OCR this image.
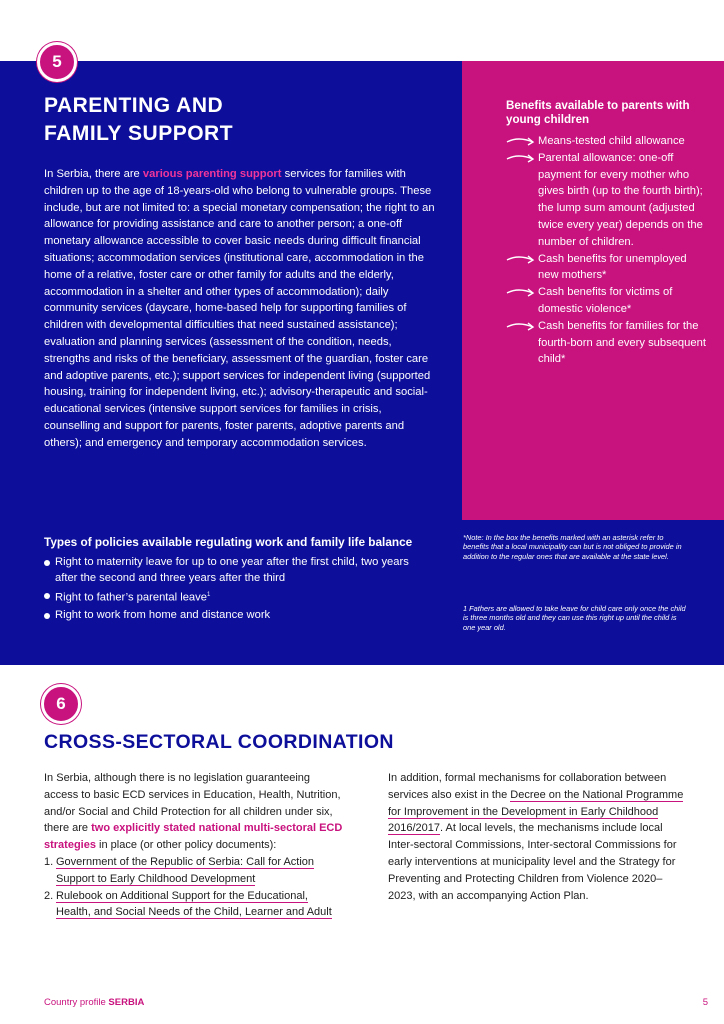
5
PARENTING AND
FAMILY SUPPORT

In Serbia, there are various parenting support services for families with children up to the age of 18-years-old who belong to vulnerable groups. These include, but are not limited to: a special monetary compensation; the right to an allowance for providing assistance and care to another person; a one-off monetary allowance accessible to cover basic needs during difficult financial situations; accommodation services (institutional care, accommodation in the home of a relative, foster care or other family for adults and the elderly, accommodation in a shelter and other types of accommodation); daily community services (daycare, home-based help for supporting families of children with developmental difficulties that need sustained assistance); evaluation and planning services (assessment of the condition, needs, strengths and risks of the beneficiary, assessment of the guardian, foster care and adoptive parents, etc.); support services for independent living (supported housing, training for independent living, etc.); advisory-therapeutic and social-educational services (intensive support services for families in crisis, counselling and support for parents, foster parents, adoptive parents and others); and emergency and temporary accommodation services.

Benefits available to parents with young children
Means-tested child allowance
Parental allowance: one-off payment for every mother who gives birth (up to the fourth birth); the lump sum amount (adjusted twice every year) depends on the number of children.
Cash benefits for unemployed new mothers*
Cash benefits for victims of domestic violence*
Cash benefits for families for the fourth-born and every subsequent child*
Types of policies available regulating work and family life balance
Right to maternity leave for up to one year after the first child, two years after the second and three years after the third
Right to father’s parental leave$^1$
Right to work from home and distance work

*Note: In the box the benefits marked with an asterisk refer to benefits that a local municipality can but is not obliged to provide in addition to the regular ones that are available at the state level.

1 Fathers are allowed to take leave for child care only once the child is three months old and they can use this right up until the child is one year old.

6
CROSS-SECTORAL COORDINATION

In Serbia, although there is no legislation guaranteeing access to basic ECD services in Education, Health, Nutrition, and/or Social and Child Protection for all children under six, there are two explicitly stated national multi-sectoral ECD strategies in place (or other policy documents):

1. Government of the Republic of Serbia: Call for Action Support to Early Childhood Development
2. Rulebook on Additional Support for the Educational, Health, and Social Needs of the Child, Learner and Adult

In addition, formal mechanisms for collaboration between services also exist in the Decree on the National Programme for Improvement in the Development in Early Childhood 2016/2017. At local levels, the mechanisms include local Inter-sectoral Commissions, Inter-sectoral Commissions for early interventions at municipality level and the Strategy for Preventing and Protecting Children from Violence 2020–2023, with an accompanying Action Plan.

Country profile SERBIA	5
